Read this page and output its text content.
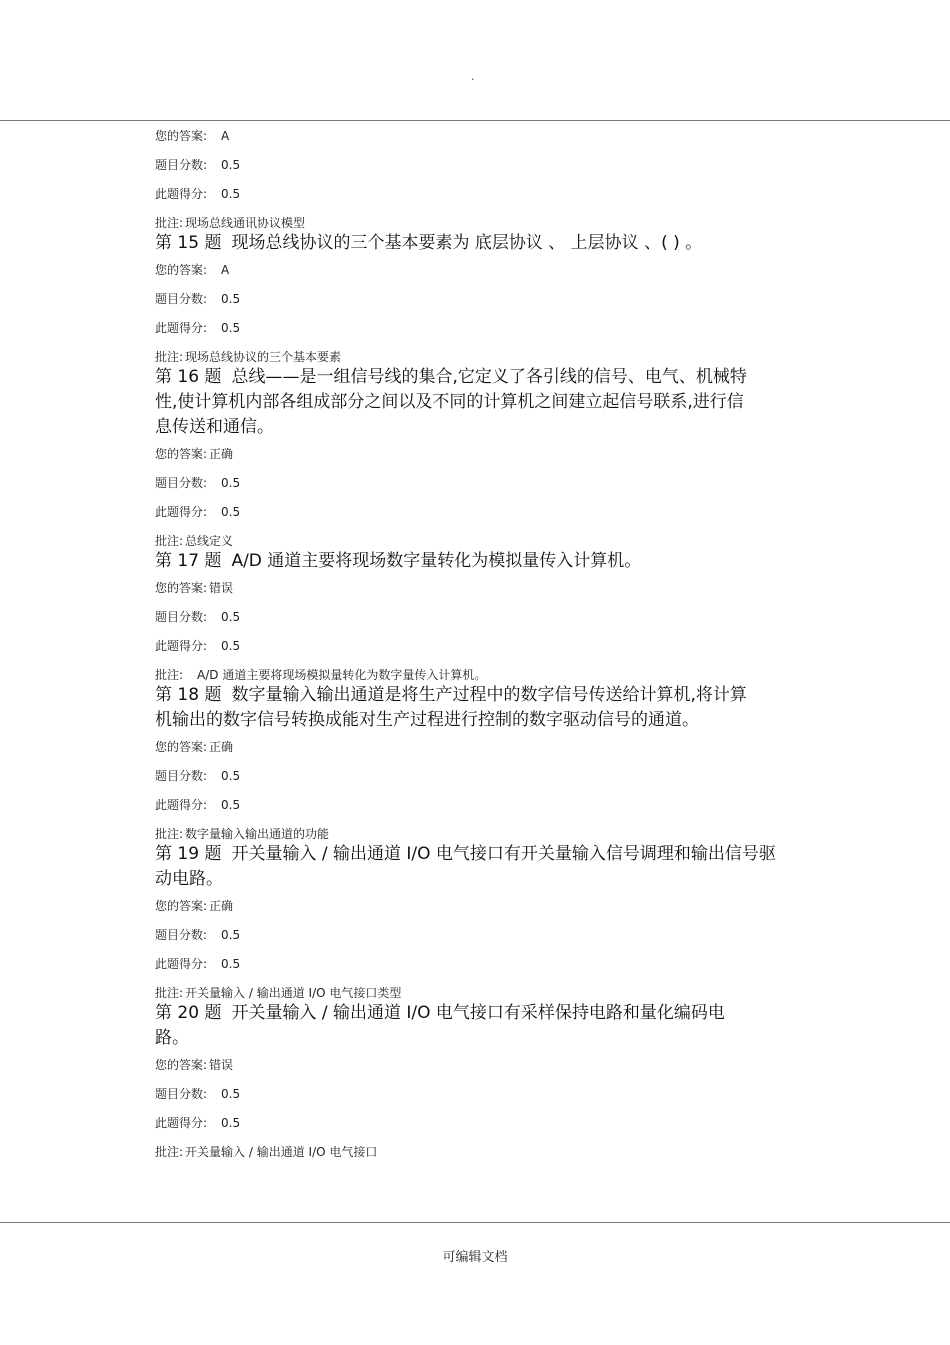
.
您的答案: A
题目分数: 0.5
此题得分: 0.5
批注: 现场总线通讯协议模型
第 15 题 现场总线协议的三个基本要素为 底层协议 、 上层协议 、( ) 。
您的答案: A
题目分数: 0.5
此题得分: 0.5
批注: 现场总线协议的三个基本要素
第 16 题 总线——是一组信号线的集合,它定义了各引线的信号、电气、机械特性,使计算机内部各组成部分之间以及不同的计算机之间建立起信号联系,进行信息传送和通信。
您的答案: 正确
题目分数: 0.5
此题得分: 0.5
批注: 总线定义
第 17 题 A/D 通道主要将现场数字量转化为模拟量传入计算机。
您的答案: 错误
题目分数: 0.5
此题得分: 0.5
批注: A/D 通道主要将现场模拟量转化为数字量传入计算机。
第 18 题 数字量输入输出通道是将生产过程中的数字信号传送给计算机,将计算机输出的数字信号转换成能对生产过程进行控制的数字驱动信号的通道。
您的答案: 正确
题目分数: 0.5
此题得分: 0.5
批注: 数字量输入输出通道的功能
第 19 题 开关量输入 / 输出通道 I/O 电气接口有开关量输入信号调理和输出信号驱动电路。
您的答案: 正确
题目分数: 0.5
此题得分: 0.5
批注: 开关量输入 / 输出通道 I/O 电气接口类型
第 20 题 开关量输入 / 输出通道 I/O 电气接口有采样保持电路和量化编码电路。
您的答案: 错误
题目分数: 0.5
此题得分: 0.5
批注: 开关量输入 / 输出通道 I/O 电气接口
可编辑文档
